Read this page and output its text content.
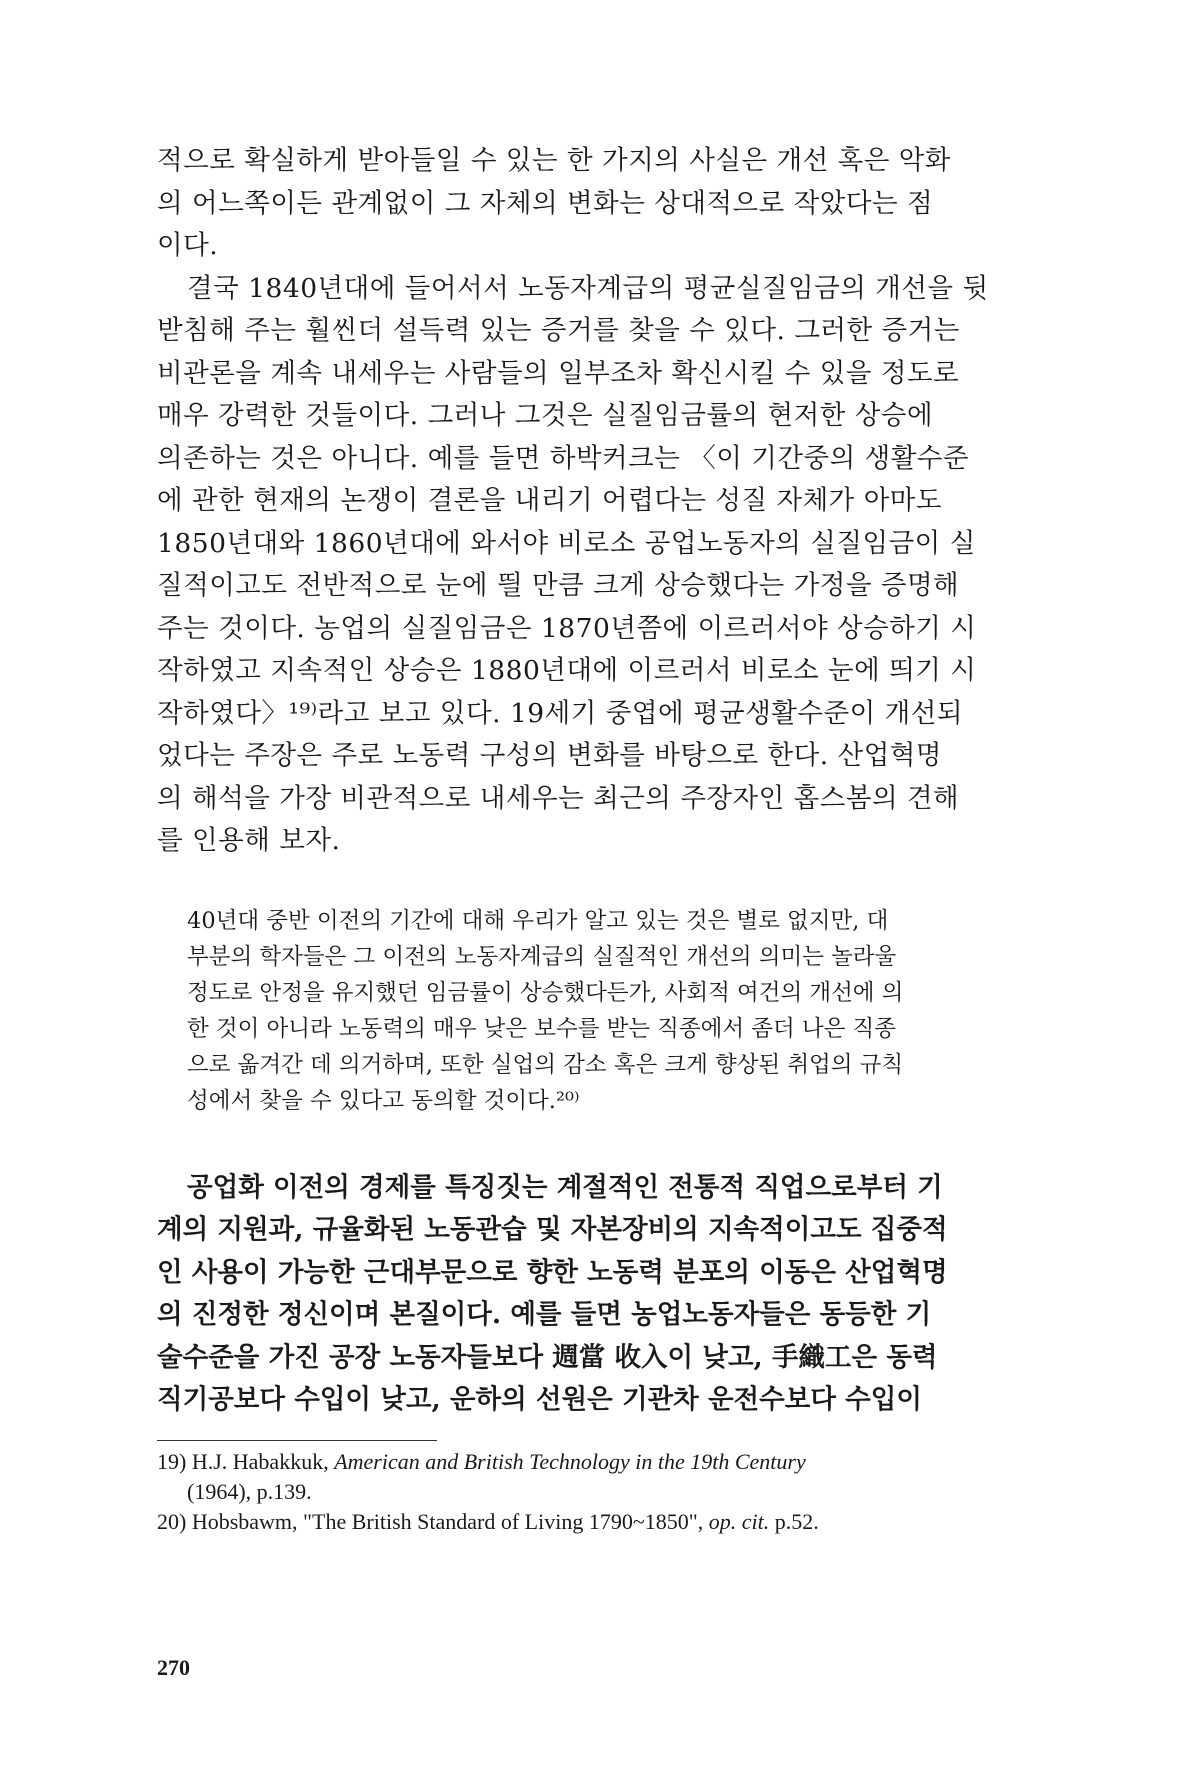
적으로 확실하게 받아들일 수 있는 한 가지의 사실은 개선 혹은 악화
의 어느쪽이든 관계없이 그 자체의 변화는 상대적으로 작았다는 점
이다.
결국 1840년대에 들어서서 노동자계급의 평균실질임금의 개선을 뒷
받침해 주는 훨씬더 설득력 있는 증거를 찾을 수 있다. 그러한 증거는
비관론을 계속 내세우는 사람들의 일부조차 확신시킬 수 있을 정도로
매우 강력한 것들이다. 그러나 그것은 실질임금률의 현저한 상승에
의존하는 것은 아니다. 예를 들면 하박커크는 〈이 기간중의 생활수준
에 관한 현재의 논쟁이 결론을 내리기 어렵다는 성질 자체가 아마도
1850년대와 1860년대에 와서야 비로소 공업노동자의 실질임금이 실
질적이고도 전반적으로 눈에 띌 만큼 크게 상승했다는 가정을 증명해
주는 것이다. 농업의 실질임금은 1870년쯤에 이르러서야 상승하기 시
작하였고 지속적인 상승은 1880년대에 이르러서 비로소 눈에 띄기 시
작하였다〉¹⁹⁾라고 보고 있다. 19세기 중엽에 평균생활수준이 개선되
었다는 주장은 주로 노동력 구성의 변화를 바탕으로 한다. 산업혁명
의 해석을 가장 비관적으로 내세우는 최근의 주장자인 홉스봄의 견해
를 인용해 보자.
40년대 중반 이전의 기간에 대해 우리가 알고 있는 것은 별로 없지만, 대
부분의 학자들은 그 이전의 노동자계급의 실질적인 개선의 의미는 놀라울
정도로 안정을 유지했던 임금률이 상승했다든가, 사회적 여건의 개선에 의
한 것이 아니라 노동력의 매우 낮은 보수를 받는 직종에서 좀더 나은 직종
으로 옮겨간 데 의거하며, 또한 실업의 감소 혹은 크게 향상된 취업의 규칙
성에서 찾을 수 있다고 동의할 것이다.²⁰⁾
공업화 이전의 경제를 특징짓는 계절적인 전통적 직업으로부터 기
계의 지원과, 규율화된 노동관습 및 자본장비의 지속적이고도 집중적
인 사용이 가능한 근대부문으로 향한 노동력 분포의 이동은 산업혁명
의 진정한 정신이며 본질이다. 예를 들면 농업노동자들은 동등한 기
술수준을 가진 공장 노동자들보다 週當 收入이 낮고, 手織工은 동력
직기공보다 수입이 낮고, 운하의 선원은 기관차 운전수보다 수입이
19) H.J. Habakkuk, American and British Technology in the 19th Century
(1964), p.139.
20) Hobsbawm, "The British Standard of Living 1790~1850", op. cit. p.52.
270
